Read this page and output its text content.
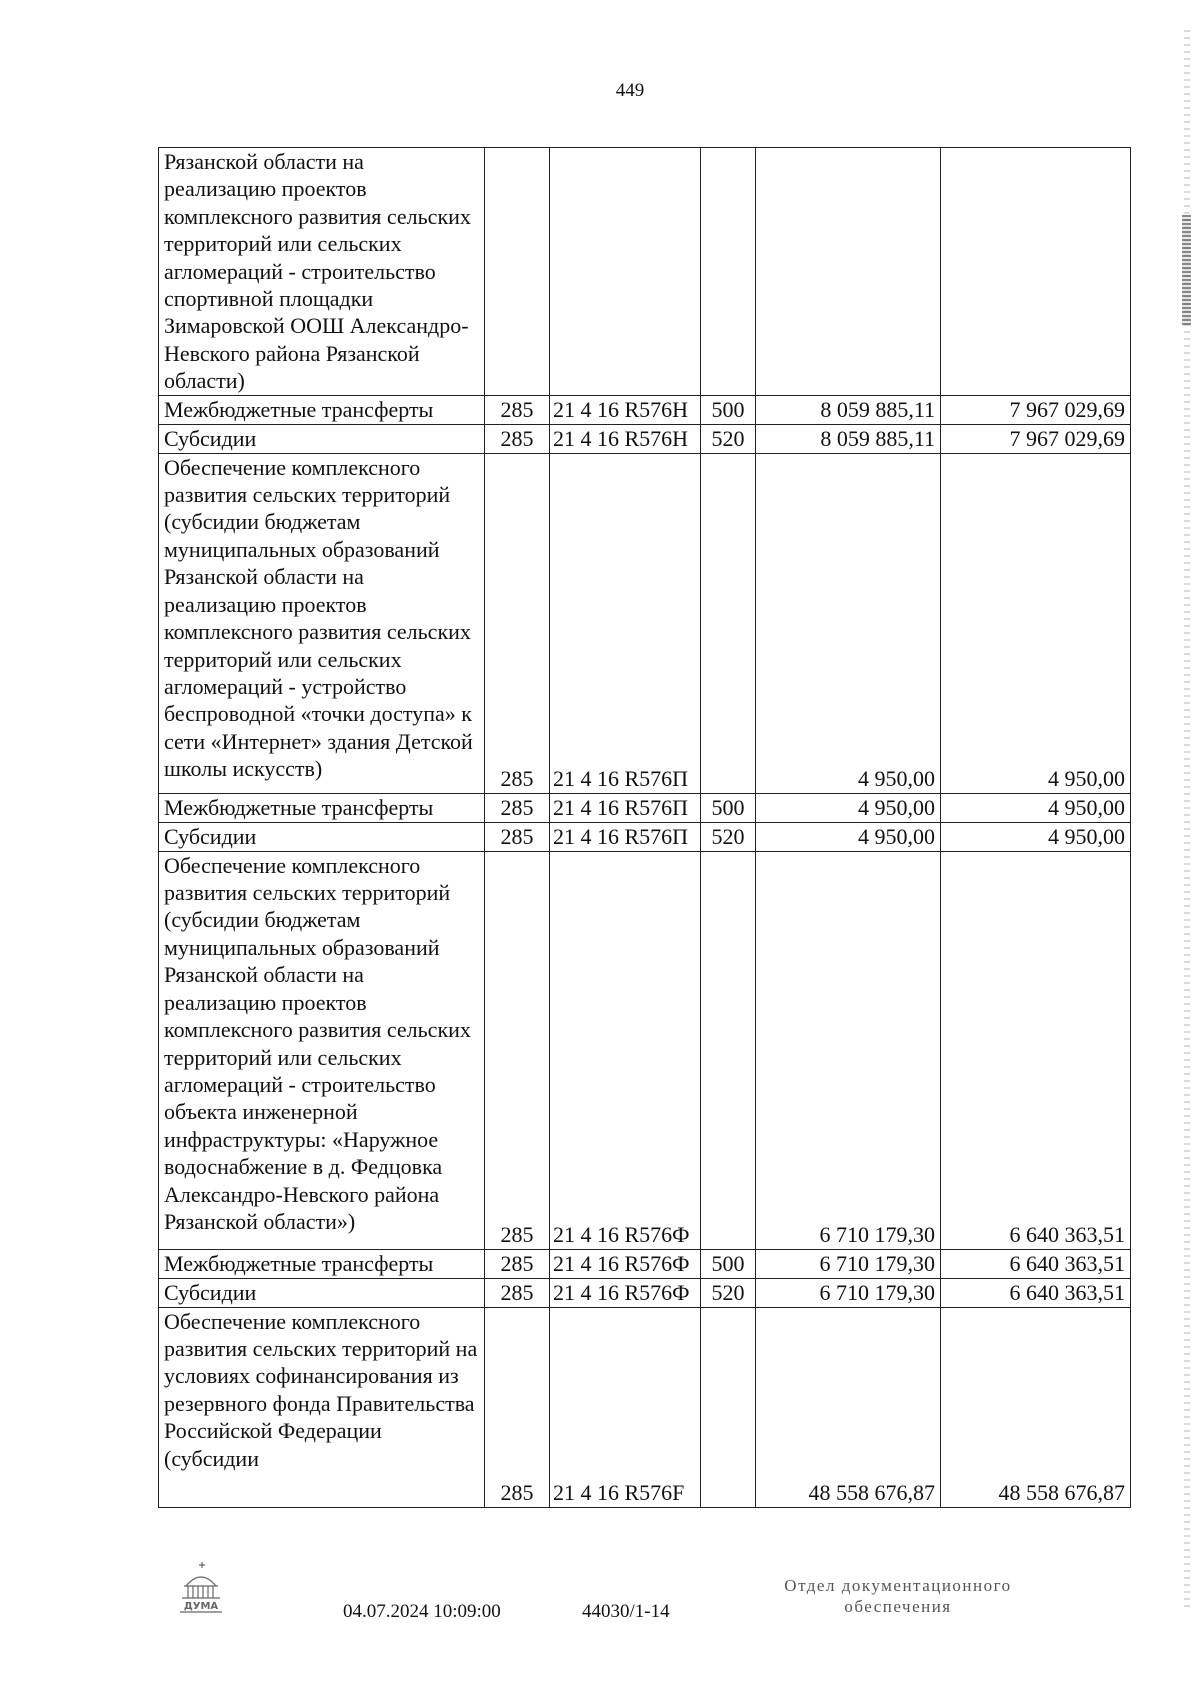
449
Рязанской области на реализацию проектов комплексного развития сельских территорий или сельских агломераций - строительство спортивной площадки Зимаровской ООШ Александро-Невского района Рязанской области)					
Межбюджетные трансферты	285	21 4 16 R576Н	500	8 059 885,11	7 967 029,69
Субсидии	285	21 4 16 R576Н	520	8 059 885,11	7 967 029,69
Обеспечение комплексного развития сельских территорий (субсидии бюджетам муниципальных образований Рязанской области на реализацию проектов комплексного развития сельских территорий или сельских агломераций - устройство беспроводной «точки доступа» к сети «Интернет» здания Детской школы искусств)	285	21 4 16 R576П		4 950,00	4 950,00
Межбюджетные трансферты	285	21 4 16 R576П	500	4 950,00	4 950,00
Субсидии	285	21 4 16 R576П	520	4 950,00	4 950,00
Обеспечение комплексного развития сельских территорий (субсидии бюджетам муниципальных образований Рязанской области на реализацию проектов комплексного развития сельских территорий или сельских агломераций - строительство объекта инженерной инфраструктуры: «Наружное водоснабжение в д. Федцовка Александро-Невского района Рязанской области»)	285	21 4 16 R576Ф		6 710 179,30	6 640 363,51
Межбюджетные трансферты	285	21 4 16 R576Ф	500	6 710 179,30	6 640 363,51
Субсидии	285	21 4 16 R576Ф	520	6 710 179,30	6 640 363,51
Обеспечение комплексного развития сельских территорий на условиях софинансирования из резервного фонда Правительства Российской Федерации (субсидии	285	21 4 16 R576F		48 558 676,87	48 558 676,87
ДУМА	04.07.2024 10:09:00	44030/1-14
Отдел документационного
обеспечения
